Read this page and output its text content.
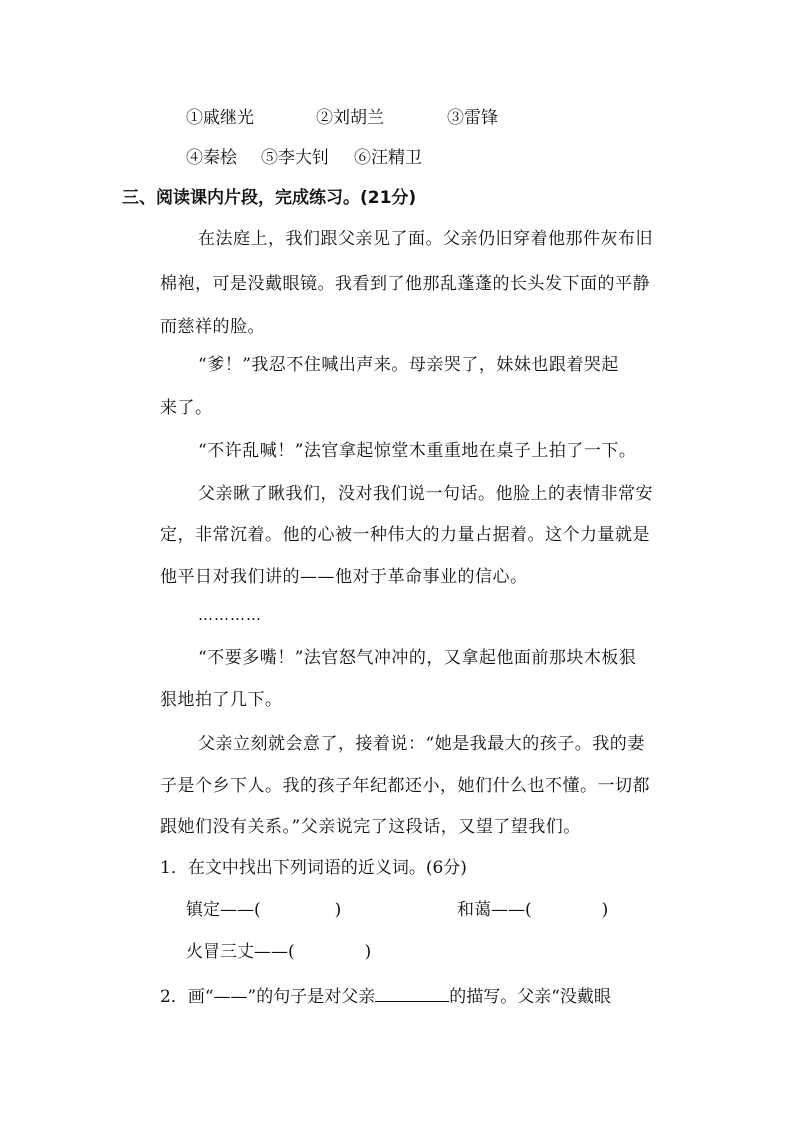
①戚继光	②刘胡兰	③雷锋
④秦桧 ⑤李大钊 ⑥汪精卫
三、阅读课内片段，完成练习。(21分)
在法庭上，我们跟父亲见了面。父亲仍旧穿着他那件灰布旧
棉袍，可是没戴眼镜。我看到了他那乱蓬蓬的长头发下面的平静
而慈祥的脸。
“爹！”我忍不住喊出声来。母亲哭了，妹妹也跟着哭起
来了。
“不许乱喊！”法官拿起惊堂木重重地在桌子上拍了一下。
父亲瞅了瞅我们，没对我们说一句话。他脸上的表情非常安
定，非常沉着。他的心被一种伟大的力量占据着。这个力量就是
他平日对我们讲的——他对于革命事业的信心。
…………
“不要多嘴！”法官怒气冲冲的，又拿起他面前那块木板狠
狠地拍了几下。
父亲立刻就会意了，接着说：“她是我最大的孩子。我的妻
子是个乡下人。我的孩子年纪都还小，她们什么也不懂。一切都
跟她们没有关系。”父亲说完了这段话，又望了望我们。
1．在文中找出下列词语的近义词。(6分)
镇定——(	)	和蔼——(	)
火冒三丈——(	)
2．画“——”的句子是对父亲	的描写。父亲“没戴眼
